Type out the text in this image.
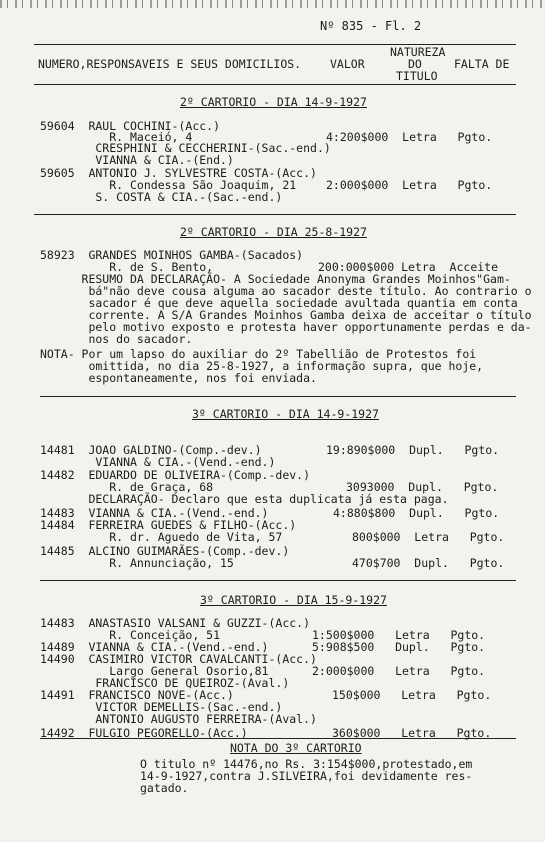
Nº 835 - Fl. 2
NUMERO,RESPONSAVEIS E SEUS DOMICILIOS.	VALOR
NATUREZA
DO
TITULO
FALTA DE
2º CARTORIO - DIA 14-9-1927
59604  RAUL COCHINI-(Acc.)
R. Maceió, 4
CRESPHINI & CECCHERINI-(Sac.-end.)
VIANNA & CIA.-(End.)
59605  ANTONIO J. SYLVESTRE COSTA-(Acc.)
R. Condessa São Joaquim, 21
S. COSTA & CIA.-(Sac.-end.)
4:200$000  Letra   Pgto.
2:000$000  Letra   Pgto.
2º CARTORIO - DIA 25-8-1927
58923  GRANDES MOINHOS GAMBA-(Sacados)
R. de S. Bento,	200:000$000 Letra  Acceite
RESUMO DA DECLARAÇÃO- A Sociedade Anonyma Grandes Moinhos"Gam-
bá"não deve cousa alguma ao sacador deste título. Ao contrario o
sacador é que deve aquella sociedade avultada quantia em conta
corrente. A S/A Grandes Moinhos Gamba deixa de acceitar o título
pelo motivo exposto e protesta haver opportunamente perdas e da-
nos do sacador.
NOTA- Por um lapso do auxiliar do 2º Tabellião de Protestos foi
omittida, no dia 25-8-1927, a informação supra, que hoje,
espontaneamente, nos foi enviada.
3º CARTORIO - DIA 14-9-1927
14481  JOAO GALDINO-(Comp.-dev.)
VIANNA & CIA.-(Vend.-end.)
14482  EDUARDO DE OLIVEIRA-(Comp.-dev.)
R. de Graça, 68
DECLARAÇÃO- Declaro que esta duplicata já esta paga.
14483  VIANNA & CIA.-(Vend.-end.)
14484  FERREIRA GUEDES & FILHO-(Acc.)
R. dr. Aguedo de Vita, 57
14485  ALCINO GUIMARÃES-(Comp.-dev.)
R. Annunciação, 15
19:890$000  Dupl.   Pgto.
3093000  Dupl.   Pgto.
4:880$800  Dupl.   Pgto.
800$000  Letra   Pgto.
470$700  Dupl.   Pgto.
3º CARTORIO - DIA 15-9-1927
14483  ANASTASIO VALSANI & GUZZI-(Acc.)
R. Conceição, 51
14489  VIANNA & CIA.-(Vend.-end.)
14490  CASIMIRO VICTOR CAVALCANTI-(Acc.)
Largo General Osorio,81
FRANCISCO DE QUEIROZ-(Aval.)
14491  FRANCISCO NOVE-(Acc.)
VICTOR DEMELLIS-(Sac.-end.)
ANTONIO AUGUSTO FERREIRA-(Aval.)
14492  FULGIO PEGORELLO-(Acc.)
1:500$000   Letra   Pgto.
5:908$500   Dupl.   Pgto.
2:000$000   Letra   Pgto.
150$000   Letra   Pgto.
360$000   Letra   Pgto.
NOTA DO 3º CARTORIO
O titulo nº 14476,no Rs. 3:154$000,protestado,em
14-9-1927,contra J.SILVEIRA,foi devidamente res-
gatado.
